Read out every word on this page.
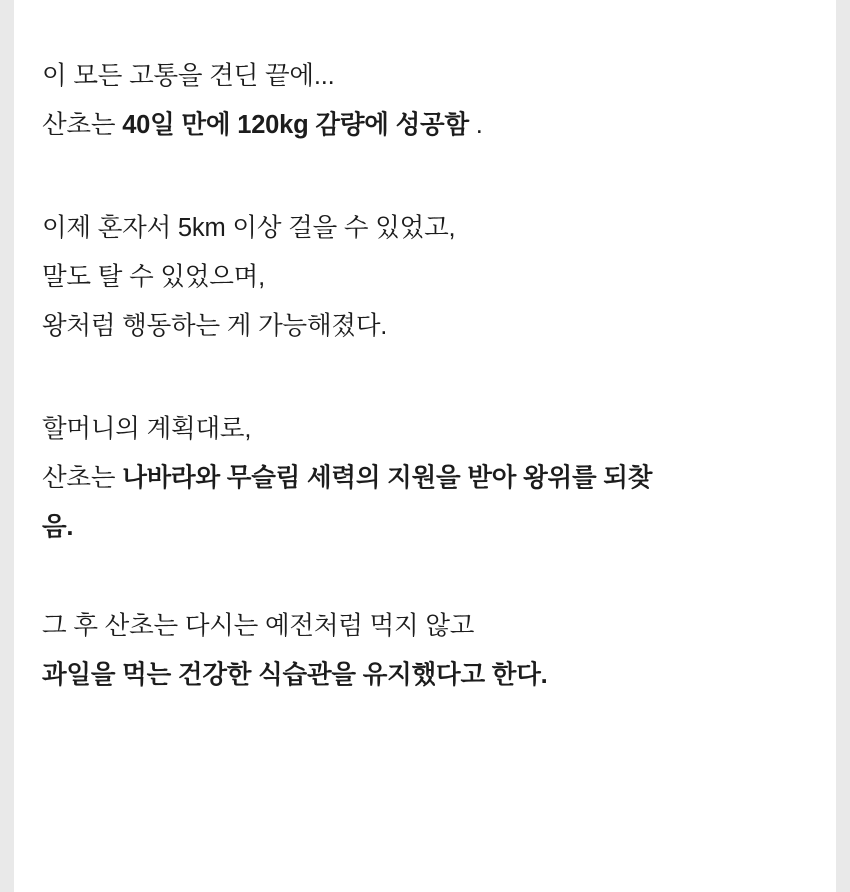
이 모든 고통을 견딘 끝에...
산초는 40일 만에 120kg 감량에 성공함 .
이제 혼자서 5km 이상 걸을 수 있었고,
말도 탈 수 있었으며,
왕처럼 행동하는 게 가능해졌다.
할머니의 계획대로,
산초는 나바라와 무슬림 세력의 지원을 받아 왕위를 되찾
음.
그 후 산초는 다시는 예전처럼 먹지 않고
과일을 먹는 건강한 식습관을 유지했다고 한다.
